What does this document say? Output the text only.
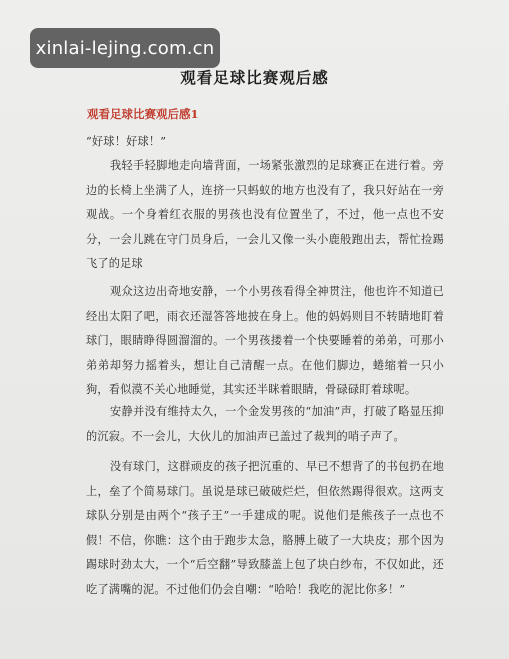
xinlai-lejing.com.cn
观看足球比赛观后感
观看足球比赛观后感1

“好球！好球！”

我轻手轻脚地走向墙背面，一场紧张激烈的足球赛正在进行着。旁边的长椅上坐满了人，连挤一只蚂蚁的地方也没有了，我只好站在一旁观战。一个身着红衣服的男孩也没有位置坐了，不过，他一点也不安分，一会儿跳在守门员身后，一会儿又像一头小鹿般跑出去，帮忙捡踢飞了的足球

观众这边出奇地安静，一个小男孩看得全神贯注，他也许不知道已经出太阳了吧，雨衣还湿答答地披在身上。他的妈妈则目不转睛地盯着球门，眼睛睁得圆溜溜的。一个男孩搂着一个快要睡着的弟弟，可那小弟弟却努力摇着头，想让自己清醒一点。在他们脚边，蜷缩着一只小狗，看似漠不关心地睡觉，其实还半眯着眼睛，骨碌碌盯着球呢。

安静并没有维持太久，一个金发男孩的“加油”声，打破了略显压抑的沉寂。不一会儿，大伙儿的加油声已盖过了裁判的哨子声了。

没有球门，这群顽皮的孩子把沉重的、早已不想背了的书包扔在地上，垒了个简易球门。虽说是球已破破烂烂，但依然踢得很欢。这两支球队分别是由两个“孩子王”一手建成的呢。说他们是熊孩子一点也不假！不信，你瞧：这个由于跑步太急，胳膊上破了一大块皮；那个因为踢球时劲太大，一个“后空翻”导致膝盖上包了块白纱布，不仅如此，还吃了满嘴的泥。不过他们仍会自嘲：“哈哈！我吃的泥比你多！”
